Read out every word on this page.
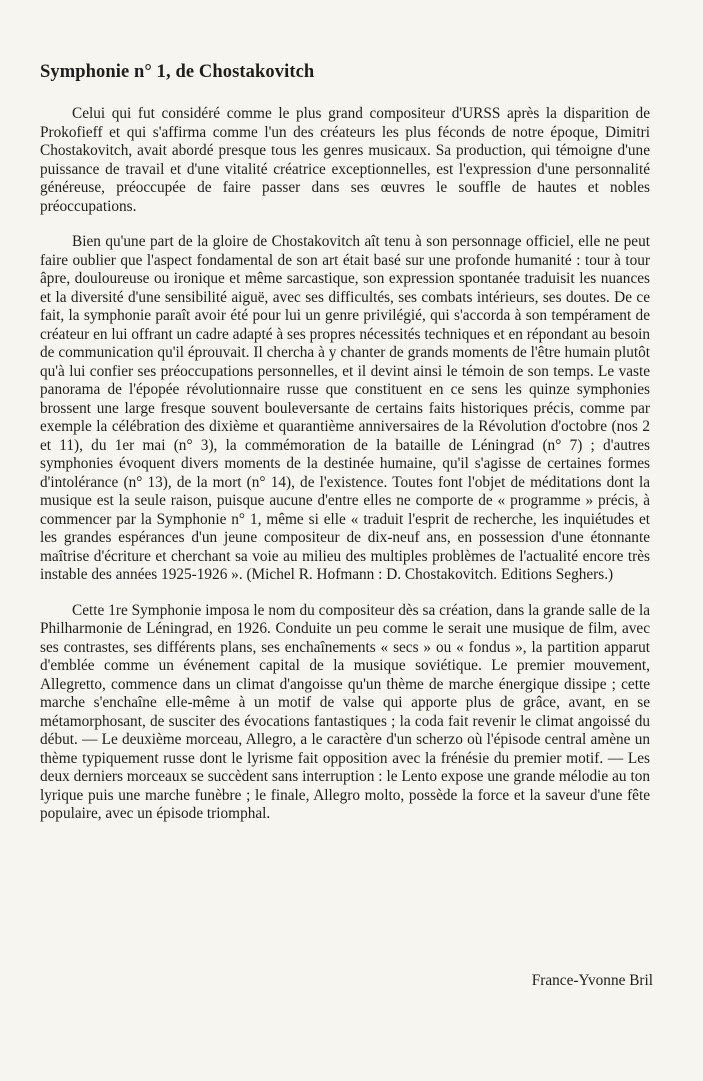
Symphonie n° 1, de Chostakovitch

Celui qui fut considéré comme le plus grand compositeur d'URSS après la disparition de Prokofieff et qui s'affirma comme l'un des créateurs les plus féconds de notre époque, Dimitri Chostakovitch, avait abordé presque tous les genres musicaux. Sa production, qui témoigne d'une puissance de travail et d'une vitalité créatrice exceptionnelles, est l'expression d'une personnalité généreuse, préoccupée de faire passer dans ses œuvres le souffle de hautes et nobles préoccupations.

Bien qu'une part de la gloire de Chostakovitch aît tenu à son personnage officiel, elle ne peut faire oublier que l'aspect fondamental de son art était basé sur une profonde humanité : tour à tour âpre, douloureuse ou ironique et même sarcastique, son expression spontanée traduisit les nuances et la diversité d'une sensibilité aiguë, avec ses difficultés, ses combats intérieurs, ses doutes. De ce fait, la symphonie paraît avoir été pour lui un genre privilégié, qui s'accorda à son tempérament de créateur en lui offrant un cadre adapté à ses propres nécessités techniques et en répondant au besoin de communication qu'il éprouvait. Il chercha à y chanter de grands moments de l'être humain plutôt qu'à lui confier ses préoccupations personnelles, et il devint ainsi le témoin de son temps. Le vaste panorama de l'épopée révolutionnaire russe que constituent en ce sens les quinze symphonies brossent une large fresque souvent bouleversante de certains faits historiques précis, comme par exemple la célébration des dixième et quarantième anniversaires de la Révolution d'octobre (nos 2 et 11), du 1er mai (n° 3), la commémoration de la bataille de Léningrad (n° 7) ; d'autres symphonies évoquent divers moments de la destinée humaine, qu'il s'agisse de certaines formes d'intolérance (n° 13), de la mort (n° 14), de l'existence. Toutes font l'objet de méditations dont la musique est la seule raison, puisque aucune d'entre elles ne comporte de « programme » précis, à commencer par la Symphonie n° 1, même si elle « traduit l'esprit de recherche, les inquiétudes et les grandes espérances d'un jeune compositeur de dix-neuf ans, en possession d'une étonnante maîtrise d'écriture et cherchant sa voie au milieu des multiples problèmes de l'actualité encore très instable des années 1925-1926 ». (Michel R. Hofmann : D. Chostakovitch. Editions Seghers.)

Cette 1re Symphonie imposa le nom du compositeur dès sa création, dans la grande salle de la Philharmonie de Léningrad, en 1926. Conduite un peu comme le serait une musique de film, avec ses contrastes, ses différents plans, ses enchaînements « secs » ou « fondus », la partition apparut d'emblée comme un événement capital de la musique soviétique. Le premier mouvement, Allegretto, commence dans un climat d'angoisse qu'un thème de marche énergique dissipe ; cette marche s'enchaîne elle-même à un motif de valse qui apporte plus de grâce, avant, en se métamorphosant, de susciter des évocations fantastiques ; la coda fait revenir le climat angoissé du début. — Le deuxième morceau, Allegro, a le caractère d'un scherzo où l'épisode central amène un thème typiquement russe dont le lyrisme fait opposition avec la frénésie du premier motif. — Les deux derniers morceaux se succèdent sans interruption : le Lento expose une grande mélodie au ton lyrique puis une marche funèbre ; le finale, Allegro molto, possède la force et la saveur d'une fête populaire, avec un épisode triomphal.

France-Yvonne Bril
